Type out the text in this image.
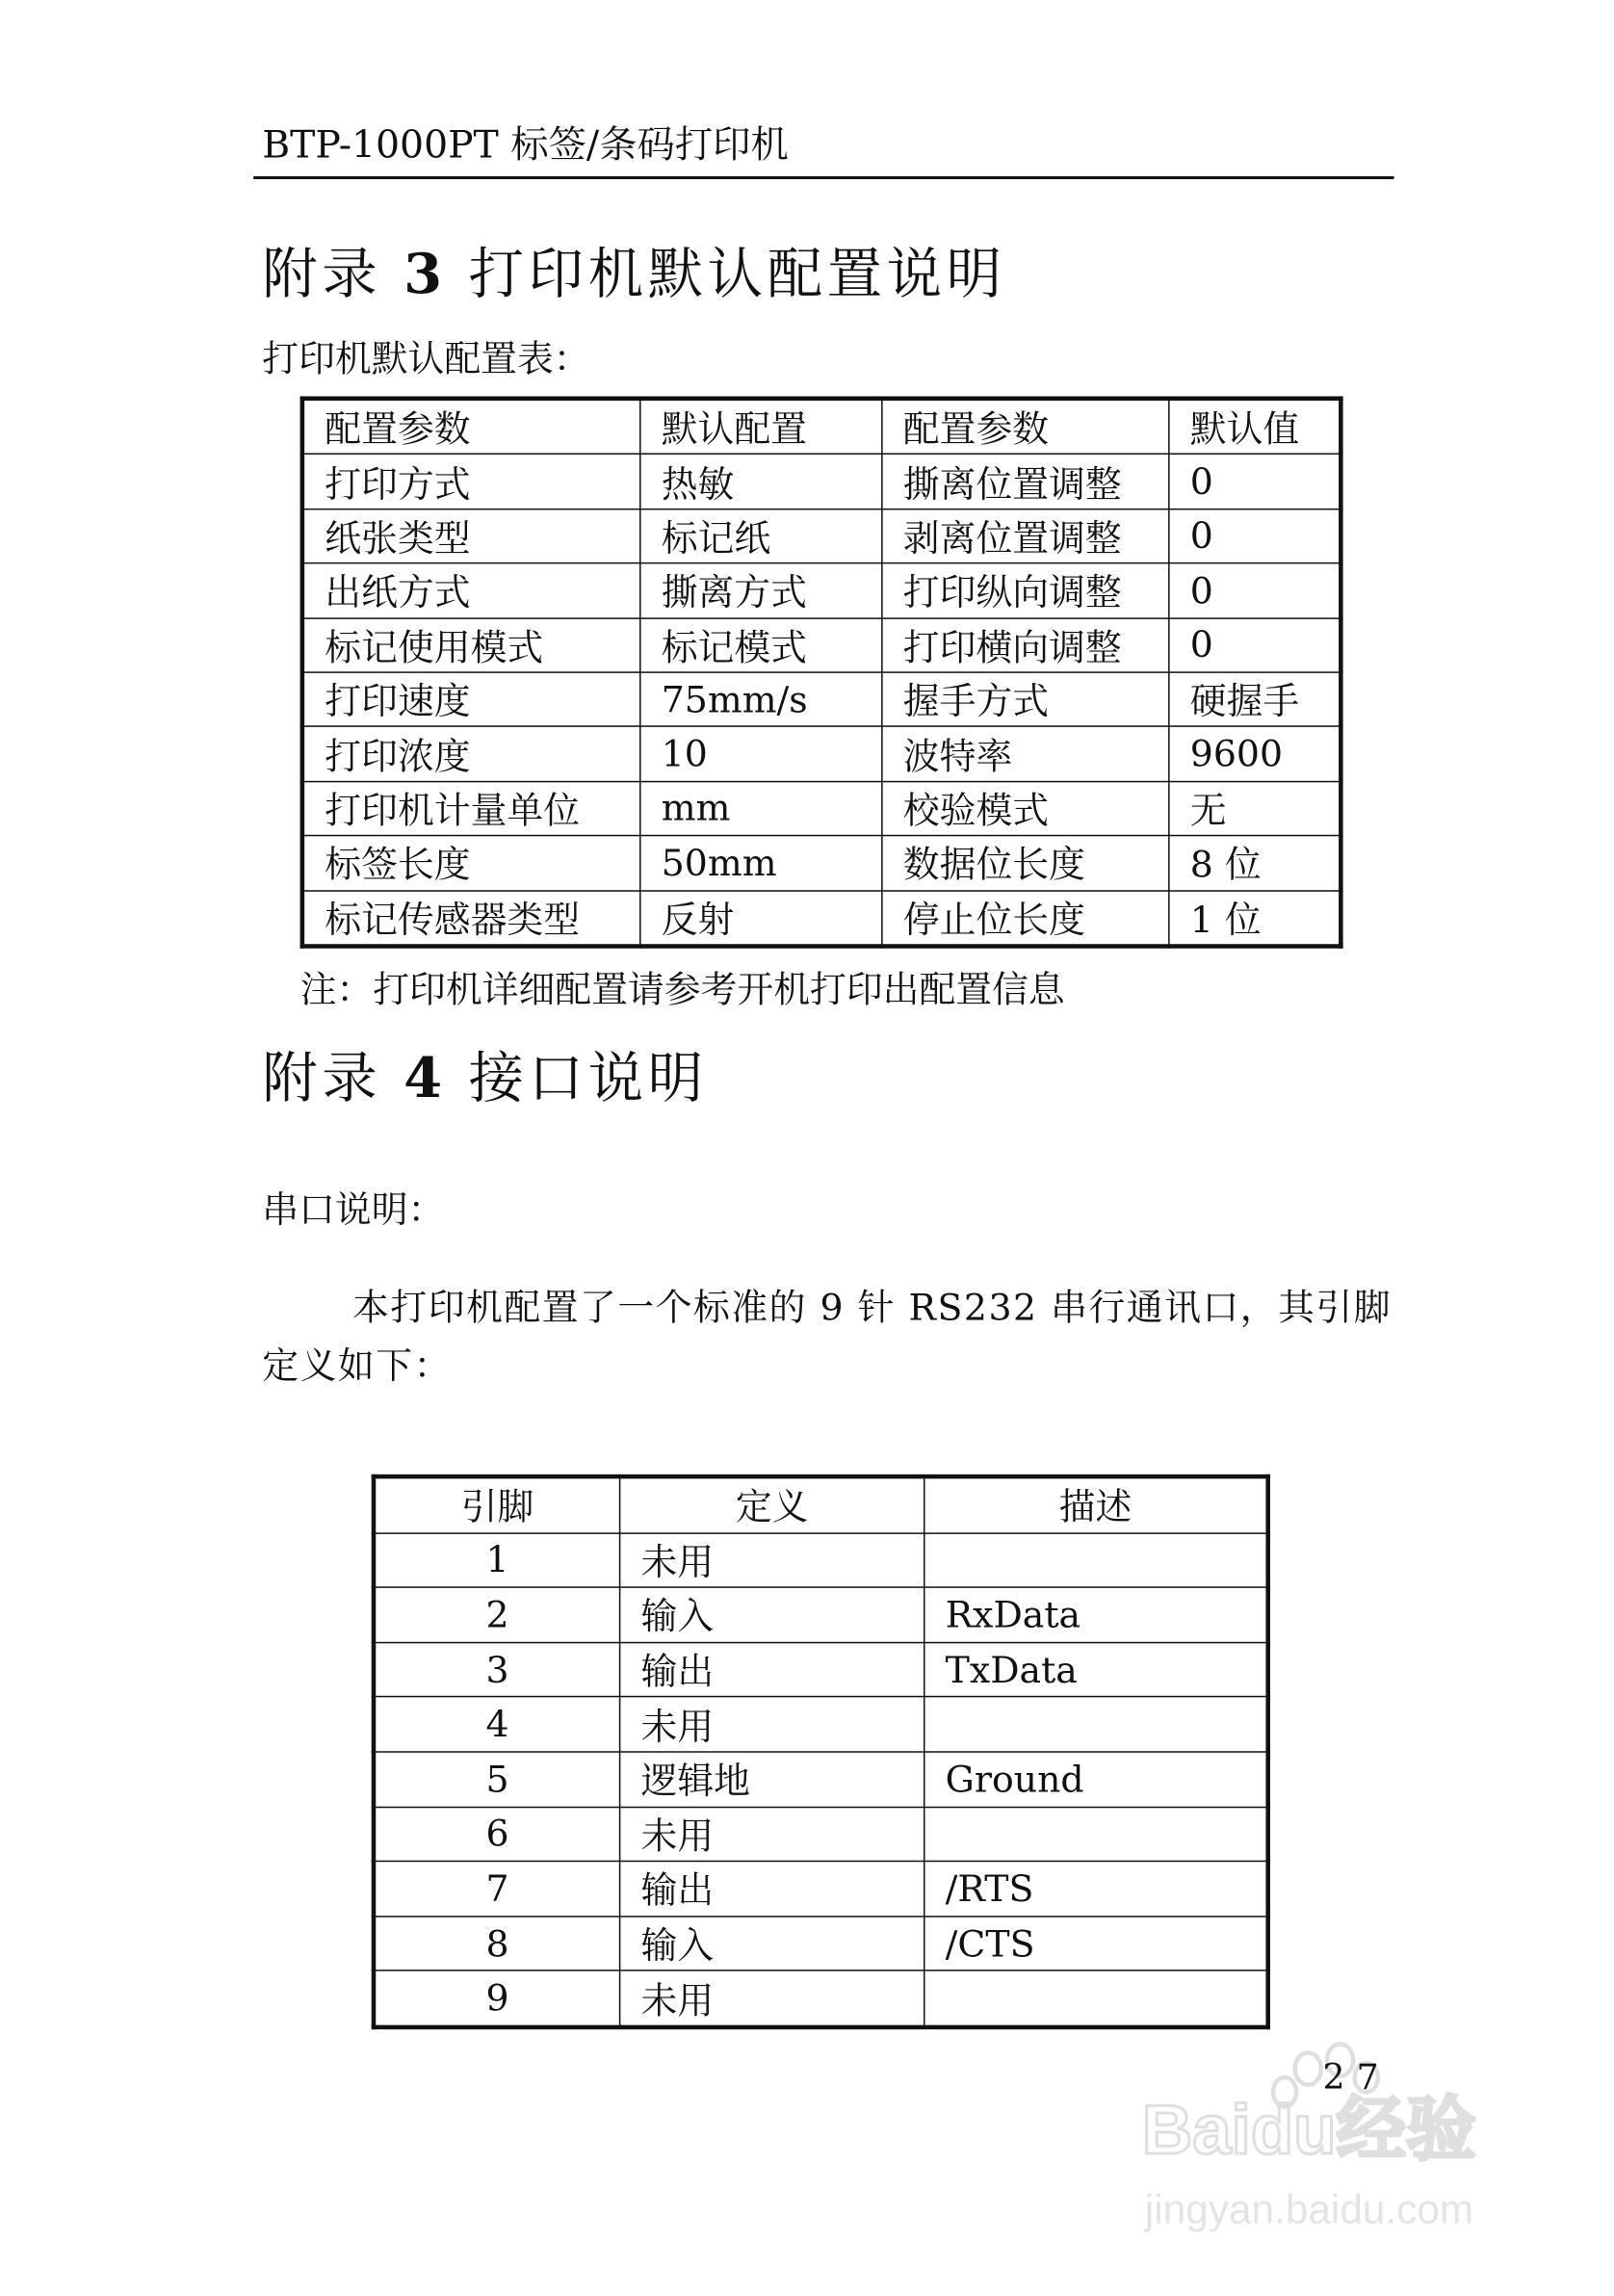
BTP-1000PT 标签/条码打印机
附录 3 打印机默认配置说明
打印机默认配置表：
配置参数	默认配置	配置参数	默认值
打印方式	热敏	撕离位置调整	0
纸张类型	标记纸	剥离位置调整	0
出纸方式	撕离方式	打印纵向调整	0
标记使用模式	标记模式	打印横向调整	0
打印速度	75mm/s	握手方式	硬握手
打印浓度	10	波特率	9600
打印机计量单位	mm	校验模式	无
标签长度	50mm	数据位长度	8 位
标记传感器类型	反射	停止位长度	1 位
注：打印机详细配置请参考开机打印出配置信息
附录 4 接口说明
串口说明：
本打印机配置了一个标准的 9 针 RS232 串行通讯口，其引脚定义如下：
引脚	定义	描述
1	未用	
2	输入	RxData
3	输出	TxData
4	未用	
5	逻辑地	Ground
6	未用	
7	输出	/RTS
8	输入	/CTS
9	未用	
Baidu经验
jingyan.baidu.com
27
